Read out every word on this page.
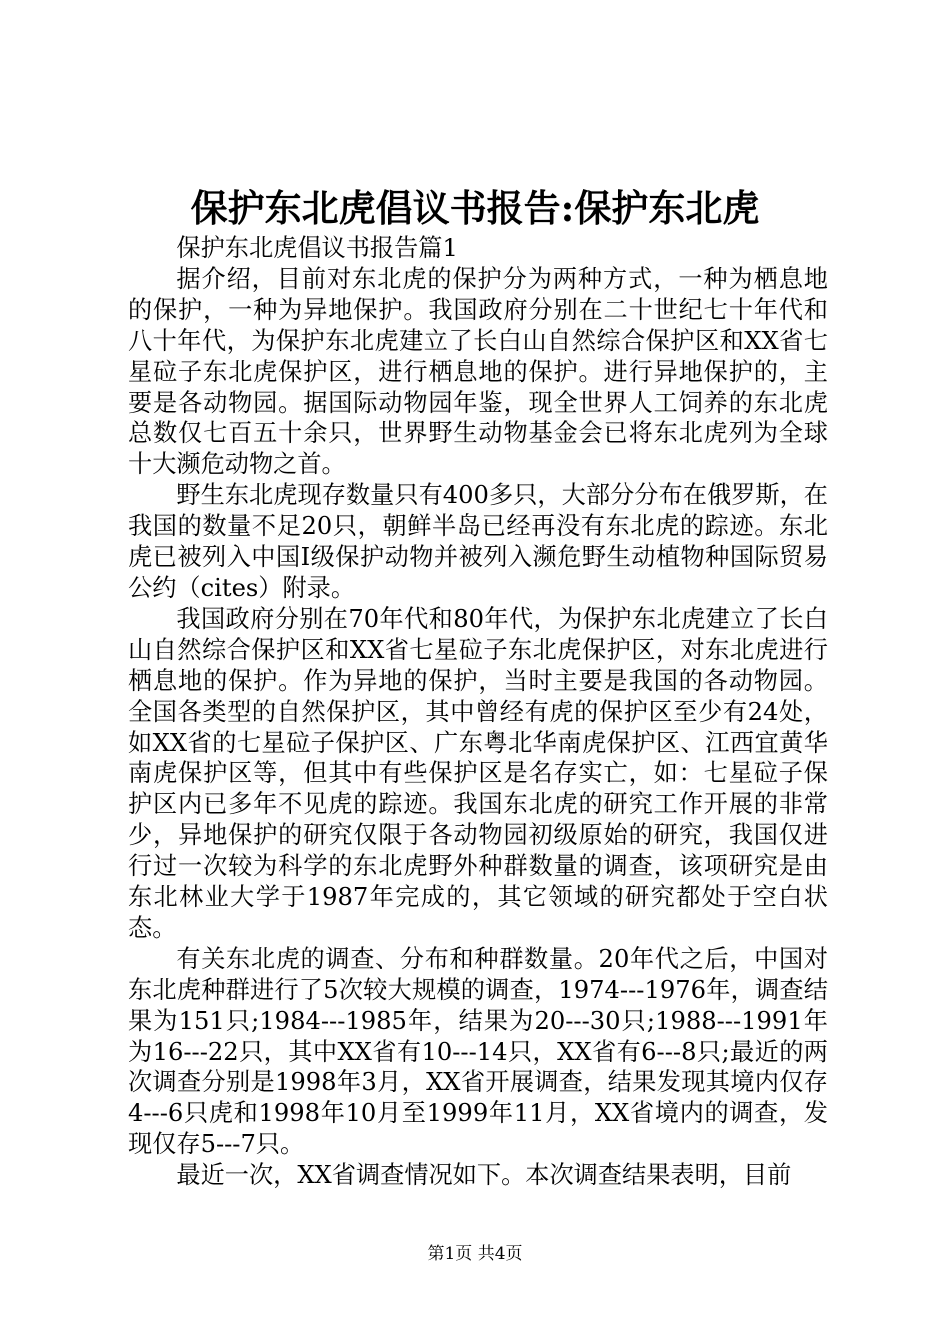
保护东北虎倡议书报告:保护东北虎

保护东北虎倡议书报告篇1

据介绍，目前对东北虎的保护分为两种方式，一种为栖息地的保护，一种为异地保护。我国政府分别在二十世纪七十年代和八十年代，为保护东北虎建立了长白山自然综合保护区和XX省七星砬子东北虎保护区，进行栖息地的保护。进行异地保护的，主要是各动物园。据国际动物园年鉴，现全世界人工饲养的东北虎总数仅七百五十余只，世界野生动物基金会已将东北虎列为全球十大濒危动物之首。

野生东北虎现存数量只有400多只，大部分分布在俄罗斯，在我国的数量不足20只，朝鲜半岛已经再没有东北虎的踪迹。东北虎已被列入中国Ⅰ级保护动物并被列入濒危野生动植物种国际贸易公约（cites）附录。

我国政府分别在70年代和80年代，为保护东北虎建立了长白山自然综合保护区和XX省七星砬子东北虎保护区，对东北虎进行栖息地的保护。作为异地的保护，当时主要是我国的各动物园。全国各类型的自然保护区，其中曾经有虎的保护区至少有24处，如XX省的七星砬子保护区、广东粤北华南虎保护区、江西宜黄华南虎保护区等，但其中有些保护区是名存实亡，如：七星砬子保护区内已多年不见虎的踪迹。我国东北虎的研究工作开展的非常少，异地保护的研究仅限于各动物园初级原始的研究，我国仅进行过一次较为科学的东北虎野外种群数量的调查，该项研究是由东北林业大学于1987年完成的，其它领域的研究都处于空白状态。

有关东北虎的调查、分布和种群数量。20年代之后，中国对东北虎种群进行了5次较大规模的调查，1974---1976年，调查结果为151只;1984---1985年，结果为20---30只;1988---1991年为16---22只，其中XX省有10---14只，XX省有6---8只;最近的两次调查分别是1998年3月，XX省开展调查，结果发现其境内仅存4---6只虎和1998年10月至1999年11月，XX省境内的调查，发现仅存5---7只。

最近一次，XX省调查情况如下。本次调查结果表明，目前

第1页 共4页
